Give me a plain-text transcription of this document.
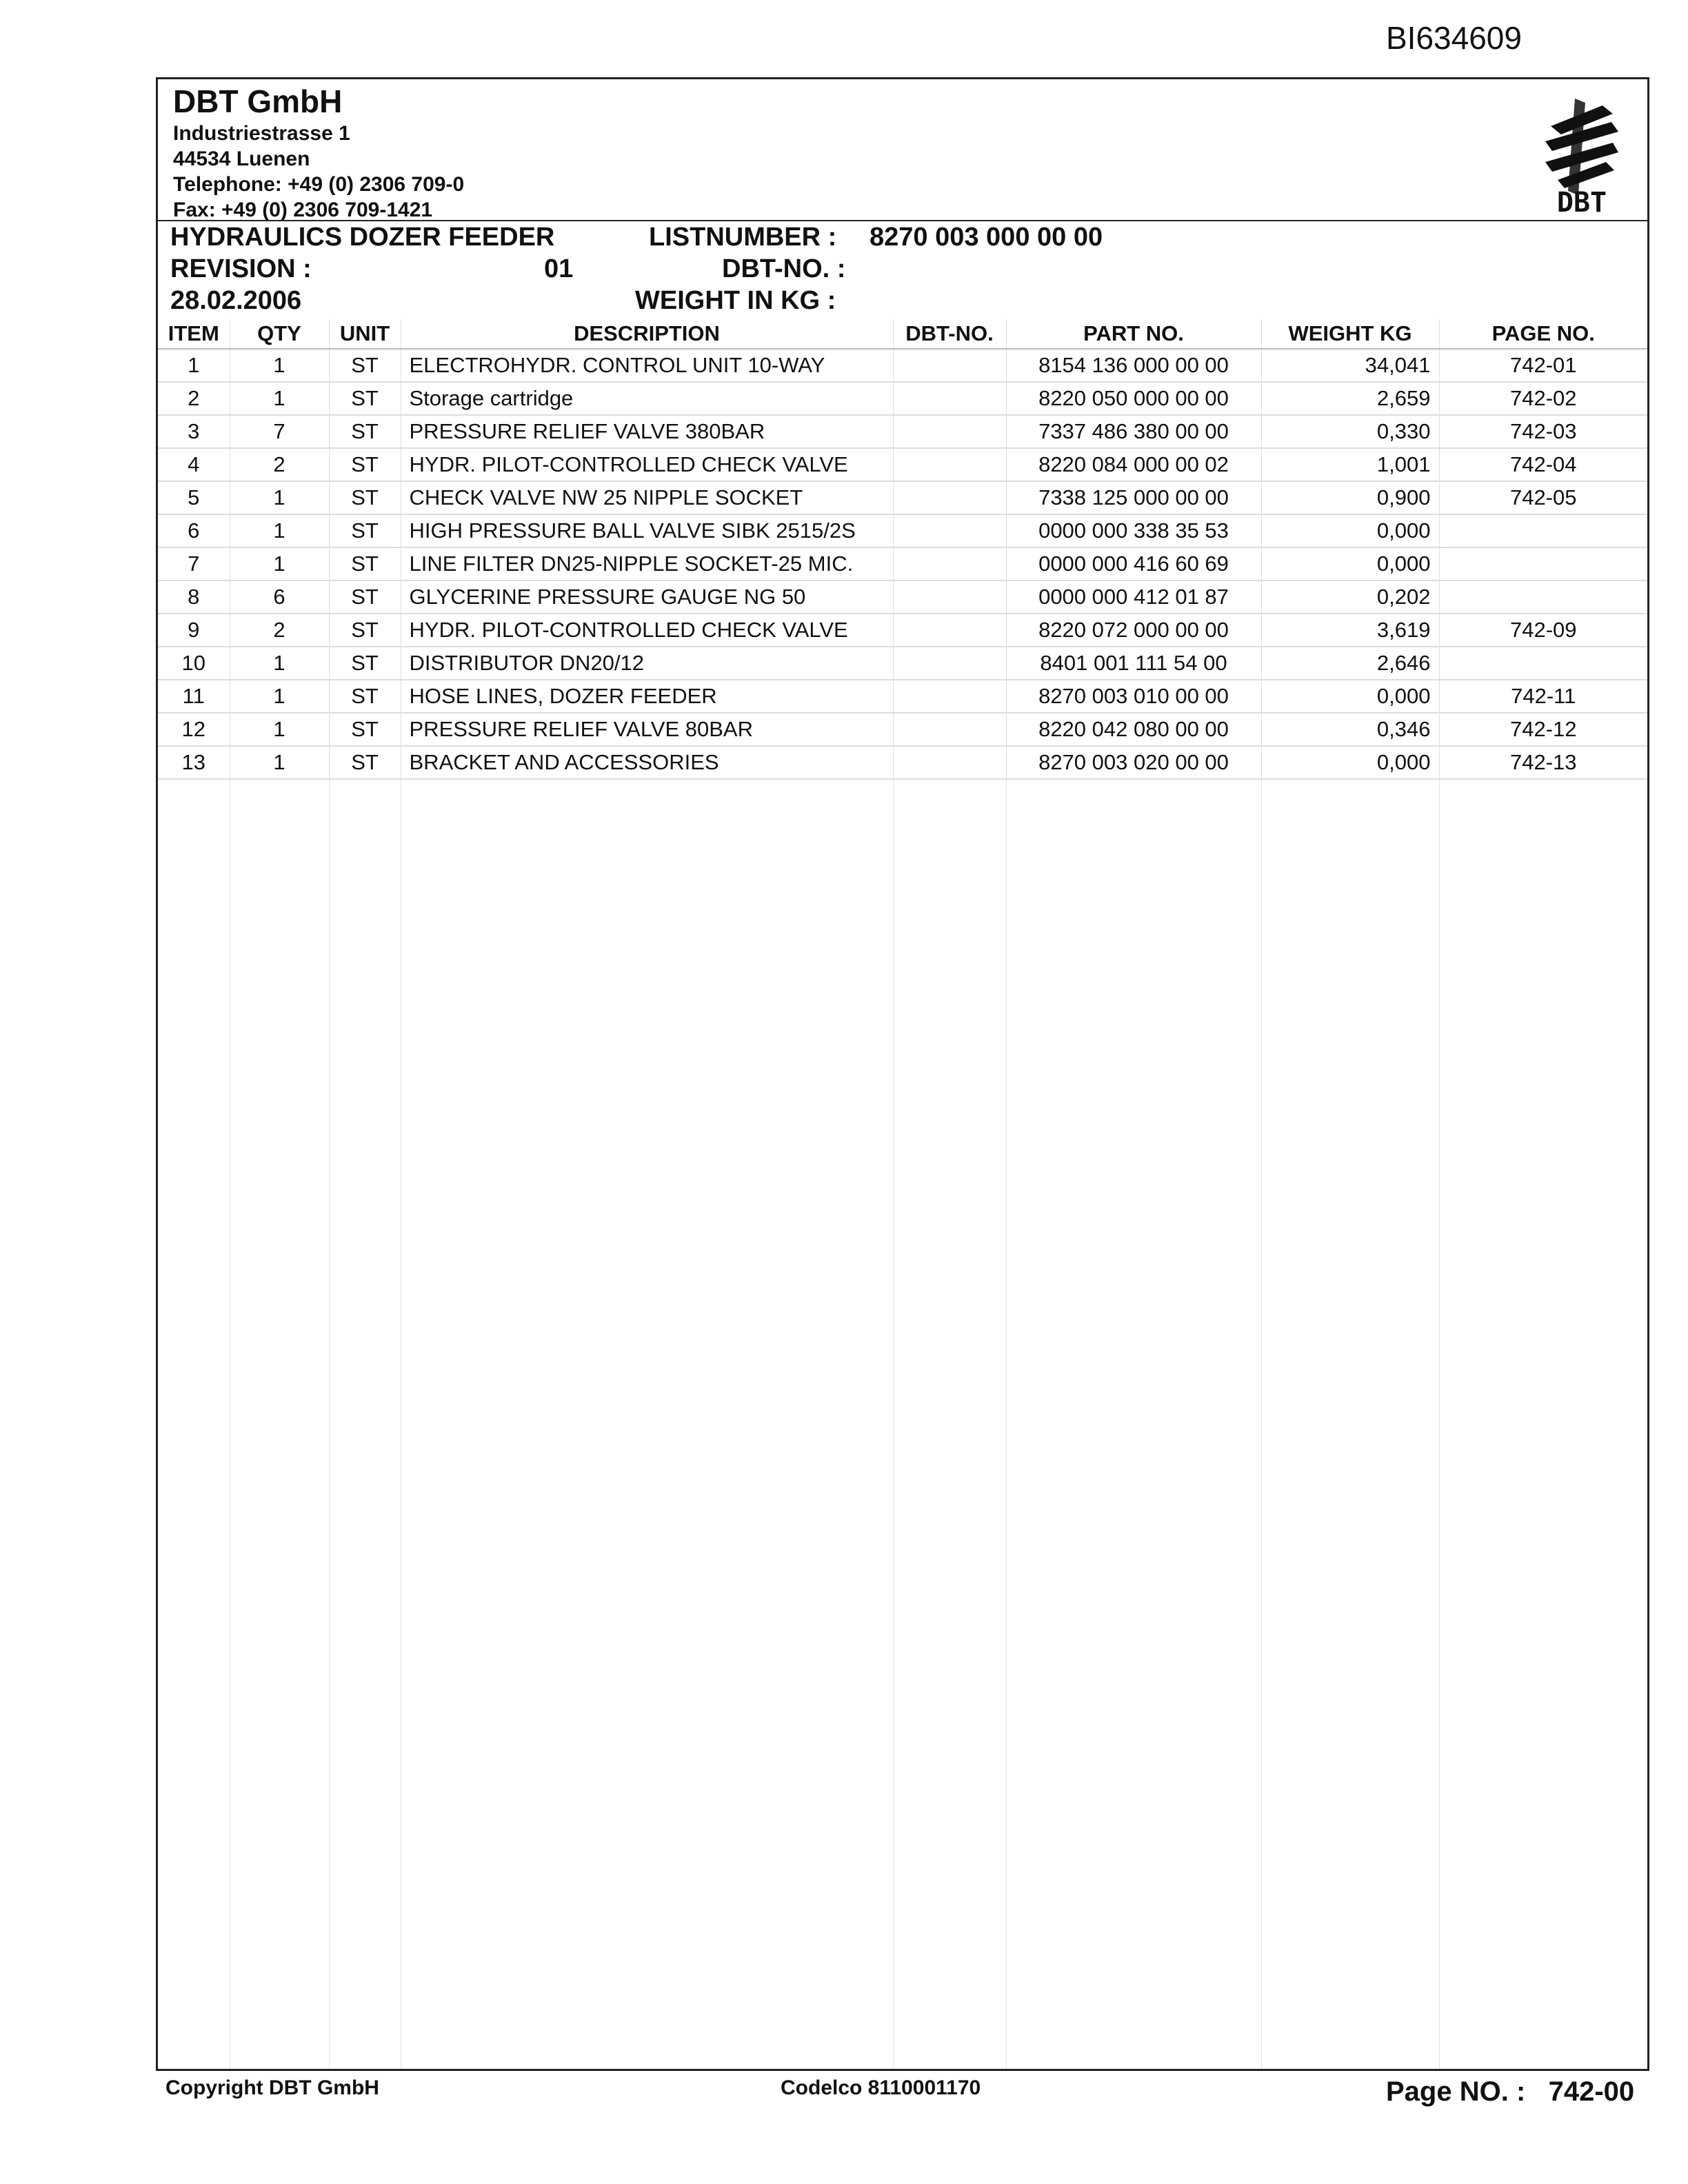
BI634609
DBT GmbH
Industriestrasse 1
44534 Luenen
Telephone: +49 (0) 2306 709-0
Fax: +49 (0) 2306 709-1421	DBT
HYDRAULICS DOZER FEEDER	LISTNUMBER : 8270 003 000 00 00
REVISION :	01	DBT-NO. :
28.02.2006	WEIGHT IN KG :
ITEM	QTY	UNIT	DESCRIPTION	DBT-NO.	PART NO.	WEIGHT KG	PAGE NO.
1	1	ST	ELECTROHYDR. CONTROL UNIT 10-WAY		8154 136 000 00 00	34,041	742-01
2	1	ST	Storage cartridge		8220 050 000 00 00	2,659	742-02
3	7	ST	PRESSURE RELIEF VALVE 380BAR		7337 486 380 00 00	0,330	742-03
4	2	ST	HYDR. PILOT-CONTROLLED CHECK VALVE		8220 084 000 00 02	1,001	742-04
5	1	ST	CHECK VALVE NW 25 NIPPLE SOCKET		7338 125 000 00 00	0,900	742-05
6	1	ST	HIGH PRESSURE BALL VALVE SIBK 2515/2S		0000 000 338 35 53	0,000	
7	1	ST	LINE FILTER DN25-NIPPLE SOCKET-25 MIC.		0000 000 416 60 69	0,000	
8	6	ST	GLYCERINE PRESSURE GAUGE NG 50		0000 000 412 01 87	0,202	
9	2	ST	HYDR. PILOT-CONTROLLED CHECK VALVE		8220 072 000 00 00	3,619	742-09
10	1	ST	DISTRIBUTOR DN20/12		8401 001 111 54 00	2,646	
11	1	ST	HOSE LINES, DOZER FEEDER		8270 003 010 00 00	0,000	742-11
12	1	ST	PRESSURE RELIEF VALVE 80BAR		8220 042 080 00 00	0,346	742-12
13	1	ST	BRACKET AND ACCESSORIES		8270 003 020 00 00	0,000	742-13
Copyright DBT GmbH	Codelco 8110001170	Page NO. : 742-00
